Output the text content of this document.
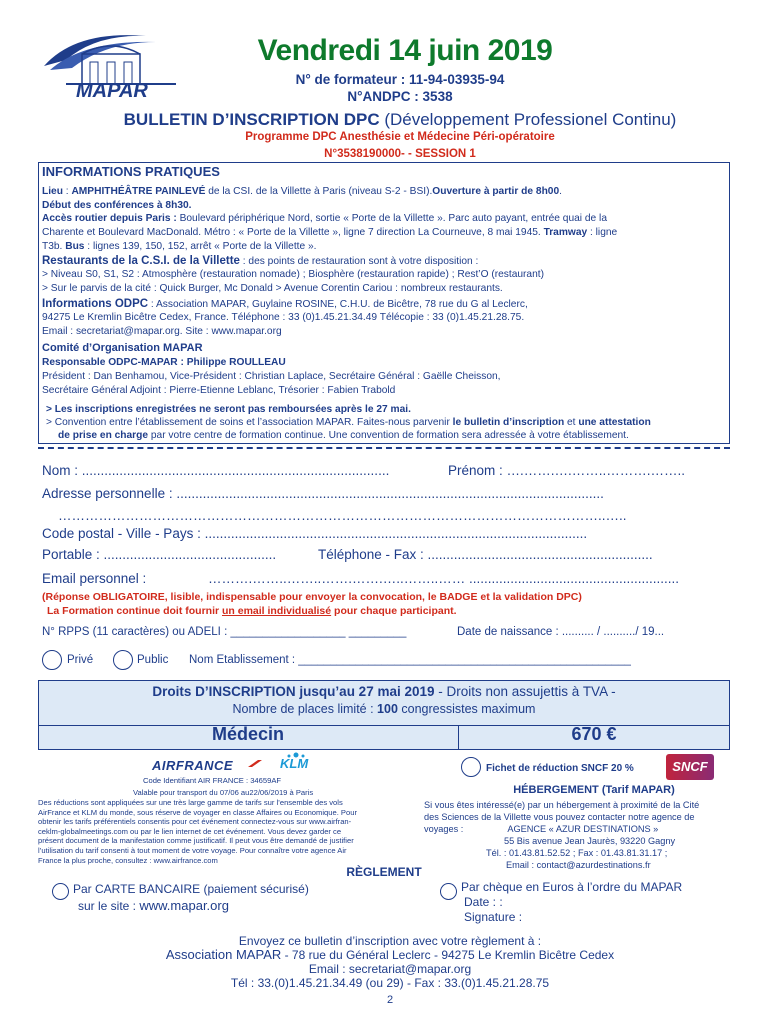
MAPAR
Vendredi 14 juin 2019
N° de formateur : 11-94-03935-94
N°ANDPC : 3538
BULLETIN D’INSCRIPTION DPC (Développement Professionel Continu)
Programme DPC Anesthésie et Médecine Péri-opératoire
N°3538190000- - SESSION 1
INFORMATIONS PRATIQUES
Lieu : AMPHITHÉÂTRE PAINLEVÉ de la CSI. de la Villette à Paris (niveau S-2 - BSI).Ouverture à partir de 8h00.
Début des conférences à 8h30.
Accès routier depuis Paris : Boulevard périphérique Nord, sortie « Porte de la Villette ». Parc auto payant, entrée quai de la
Charente et Boulevard MacDonald. Métro : « Porte de la Villette », ligne 7 direction La Courneuve, 8 mai 1945. Tramway : ligne
T3b. Bus : lignes 139, 150, 152, arrêt « Porte de la Villette ».
Restaurants de la C.S.I. de la Villette : des points de restauration sont à votre disposition :
> Niveau S0, S1, S2 : Atmosphère (restauration nomade) ; Biosphère (restauration rapide) ; Rest’O (restaurant)
> Sur le parvis de la cité : Quick Burger, Mc Donald > Avenue Corentin Cariou : nombreux restaurants.
Informations ODPC : Association MAPAR, Guylaine ROSINE, C.H.U. de Bicêtre, 78 rue du G al Leclerc,
94275 Le Kremlin Bicêtre Cedex, France. Téléphone : 33 (0)1.45.21.34.49 Télécopie : 33 (0)1.45.21.28.75.
Email : secretariat@mapar.org. Site : www.mapar.org
Comité d’Organisation MAPAR
Responsable ODPC-MAPAR : Philippe ROULLEAU
Président : Dan Benhamou, Vice-Président : Christian Laplace, Secrétaire Général : Gaëlle Cheisson,
Secrétaire Général Adjoint : Pierre-Etienne Leblanc, Trésorier : Fabien Trabold
> Les inscriptions enregistrées ne seront pas remboursées après le 27 mai.
> Convention entre l’établissement de soins et l’association MAPAR. Faites-nous parvenir le bulletin d’inscription et une attestation
de prise en charge par votre centre de formation continue. Une convention de formation sera adressée à votre établissement.
Nom : ..................................................................................	Prénom : ….…….….……..……….……..
Adresse personnelle : ..................................................................................................................
…………………………………………………………………………………………………………..…..
Code postal - Ville - Pays : ......................................................................................................
Portable : ..............................................	Téléphone - Fax : ............................................................
Email personnel :	……….……..……..…….…….…..……..…… ........................................................
(Réponse OBLIGATOIRE, lisible, indispensable pour envoyer la convocation, le BADGE et la validation DPC)
La Formation continue doit fournir un email individualisé pour chaque participant.
N° RPPS (11 caractères) ou ADELI : __________________ _________	Date de naissance : .......... / ........../ 19...
Privé	Public Nom Etablissement : ____________________________________________________
Droits D’INSCRIPTION jusqu’au 27 mai 2019 - Droits non assujettis à TVA -
Nombre de places limité : 100 congressistes maximum
Médecin	670 €
AIRFRANCE	KLM
Code Identifiant AIR FRANCE : 34659AF
Valable pour transport du 07/06 au22/06/2019 à Paris
Des réductions sont appliquées sur une très large gamme de tarifs sur l’ensemble des vols
AirFrance et KLM du monde, sous réserve de voyager en classe Affaires ou Economique. Pour
obtenir les tarifs préférentiels consentis pour cet événement connectez-vous sur www.airfran-
ceklm-globalmeetings.com ou par le lien internet de cet événement. Vous devez garder ce
présent document de la manifestation comme justificatif. Il peut vous être demandé de justifier
l’utilisation du tarif consenti à tout moment de votre voyage. Pour connaître votre agence Air
France la plus proche, consultez : www.airfrance.com
Fichet de réduction SNCF 20 %	SNCF
HÉBERGEMENT (Tarif MAPAR)
Si vous êtes intéressé(e) par un hébergement à proximité de la Cité
des Sciences de la Villette vous pouvez contacter notre agence de
voyages :	AGENCE « AZUR DESTINATIONS »
55 Bis avenue Jean Jaurès, 93220 Gagny
Tél. : 01.43.81.52.52 ; Fax : 01.43.81.31.17 ;
Email : contact@azurdestinations.fr
RÈGLEMENT
Par CARTE BANCAIRE (paiement sécurisé)
sur le site : www.mapar.org
Par chèque en Euros à l’ordre du MAPAR
Date : :
Signature :
Envoyez ce bulletin d’inscription avec votre règlement à :
Association MAPAR - 78 rue du Général Leclerc - 94275 Le Kremlin Bicêtre Cedex
Email : secretariat@mapar.org
Tél : 33.(0)1.45.21.34.49 (ou 29) - Fax : 33.(0)1.45.21.28.75
2
